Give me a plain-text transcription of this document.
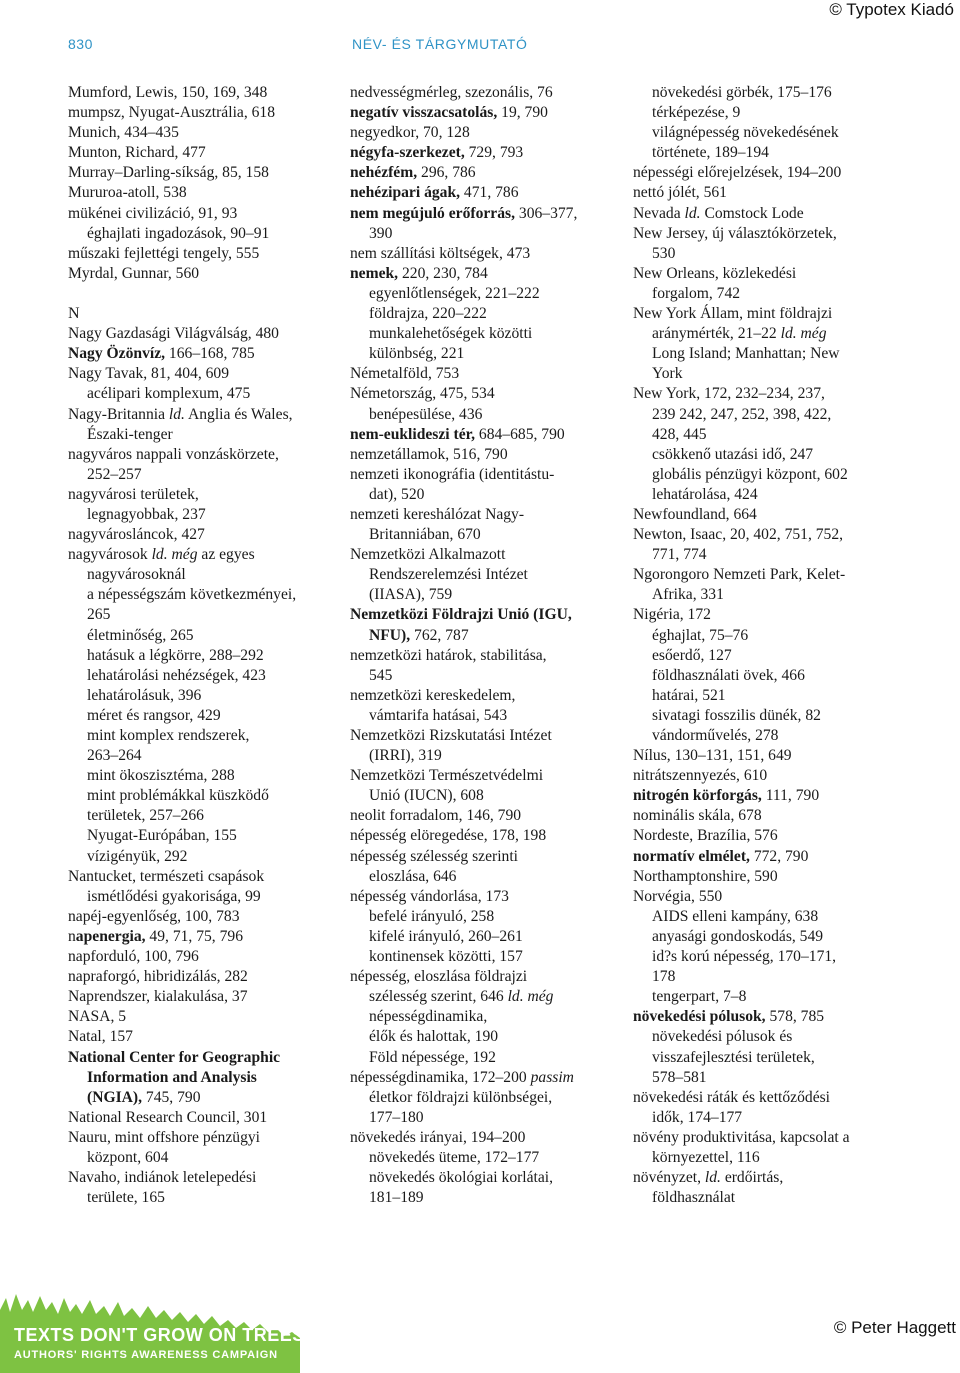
© Typotex Kiadó
830	NÉV- ÉS TÁRGYMUTATÓ
Mumford, Lewis, 150, 169, 348
mumpsz, Nyugat-Ausztrália, 618
Munich, 434–435
Munton, Richard, 477
Murray–Darling-síkság, 85, 158
Mururoa-atoll, 538
mükénei civilizáció, 91, 93
éghajlati ingadozások, 90–91
műszaki fejlettégi tengely, 555
Myrdal, Gunnar, 560
N
Nagy Gazdasági Világválság, 480
Nagy Özönvíz, 166–168, 785
Nagy Tavak, 81, 404, 609
acélipari komplexum, 475
Nagy-Britannia ld. Anglia és Wales,
Északi-tenger
nagyváros nappali vonzáskörzete,
252–257
nagyvárosi területek,
legnagyobbak, 237
nagyvárosláncok, 427
nagyvárosok ld. még az egyes
nagyvárosoknál
a népességszám következményei,
265
életminőség, 265
hatásuk a légkörre, 288–292
lehatárolási nehézségek, 423
lehatárolásuk, 396
méret és rangsor, 429
mint komplex rendszerek,
263–264
mint ökoszisztéma, 288
mint problémákkal küszködő
területek, 257–266
Nyugat-Európában, 155
vízigényük, 292
Nantucket, természeti csapások
ismétlődési gyakorisága, 99
napéj-egyenlőség, 100, 783
napenergia, 49, 71, 75, 796
napforduló, 100, 796
napraforgó, hibridizálás, 282
Naprendszer, kialakulása, 37
NASA, 5
Natal, 157
National Center for Geographic
Information and Analysis
(NGIA), 745, 790
National Research Council, 301
Nauru, mint offshore pénzügyi
központ, 604
Navaho, indiánok letelepedési
területe, 165
nedvességmérleg, szezonális, 76
negatív visszacsatolás, 19, 790
negyedkor, 70, 128
négyfa-szerkezet, 729, 793
nehézfém, 296, 786
nehézipari ágak, 471, 786
nem megújuló erőforrás, 306–377,
390
nem szállítási költségek, 473
nemek, 220, 230, 784
egyenlőtlenségek, 221–222
földrajza, 220–222
munkalehetőségek közötti
különbség, 221
Németalföld, 753
Németország, 475, 534
benépesülése, 436
nem-euklideszi tér, 684–685, 790
nemzetállamok, 516, 790
nemzeti ikonográfia (identitástu-
dat), 520
nemzeti kereshálózat Nagy-
Britanniában, 670
Nemzetközi Alkalmazott
Rendszerelemzési Intézet
(IIASA), 759
Nemzetközi Földrajzi Unió (IGU,
NFU), 762, 787
nemzetközi határok, stabilitása,
545
nemzetközi kereskedelem,
vámtarifa hatásai, 543
Nemzetközi Rizskutatási Intézet
(IRRI), 319
Nemzetközi Természetvédelmi
Unió (IUCN), 608
neolit forradalom, 146, 790
népesség elöregedése, 178, 198
népesség szélesség szerinti
eloszlása, 646
népesség vándorlása, 173
befelé irányuló, 258
kifelé irányuló, 260–261
kontinensek közötti, 157
népesség, eloszlása földrajzi
szélesség szerint, 646 ld. még
népességdinamika,
élők és halottak, 190
Föld népessége, 192
népességdinamika, 172–200 passim
életkor földrajzi különbségei,
177–180
növekedés irányai, 194–200
növekedés üteme, 172–177
növekedés ökológiai korlátai,
181–189
növekedési görbék, 175–176
térképezése, 9
világnépesség növekedésének
története, 189–194
népességi előrejelzések, 194–200
nettó jólét, 561
Nevada ld. Comstock Lode
New Jersey, új választókörzetek,
530
New Orleans, közlekedési
forgalom, 742
New York Állam, mint földrajzi
aránymérték, 21–22 ld. még
Long Island; Manhattan; New
York
New York, 172, 232–234, 237,
239 242, 247, 252, 398, 422,
428, 445
csökkenő utazási idő, 247
globális pénzügyi központ, 602
lehatárolása, 424
Newfoundland, 664
Newton, Isaac, 20, 402, 751, 752,
771, 774
Ngorongoro Nemzeti Park, Kelet-
Afrika, 331
Nigéria, 172
éghajlat, 75–76
esőerdő, 127
földhasználati övek, 466
határai, 521
sivatagi fosszilis dünék, 82
vándorművelés, 278
Nílus, 130–131, 151, 649
nitrátszennyezés, 610
nitrogén körforgás, 111, 790
nominális skála, 678
Nordeste, Brazília, 576
normatív elmélet, 772, 790
Northamptonshire, 590
Norvégia, 550
AIDS elleni kampány, 638
anyasági gondoskodás, 549
id?s korú népesség, 170–171,
178
tengerpart, 7–8
növekedési pólusok, 578, 785
növekedési pólusok és
visszafejlesztési területek,
578–581
növekedési ráták és kettőződési
idők, 174–177
növény produktivitása, kapcsolat a
környezettel, 116
növényzet, ld. erdőirtás,
földhasználat
TEXTS DON'T GROW ON TREES!
AUTHORS' RIGHTS AWARENESS CAMPAIGN
© Peter Haggett
